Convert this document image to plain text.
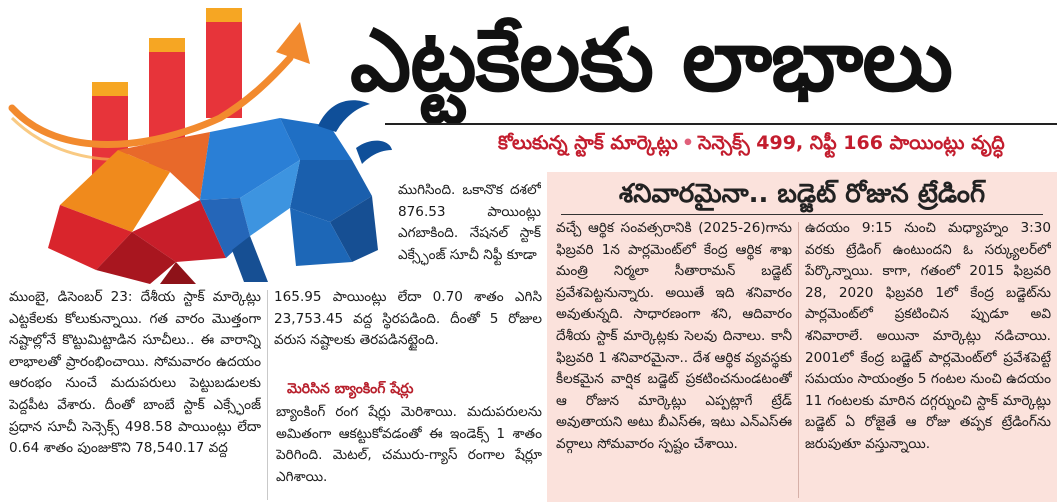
ఎట్టకేలకు లాభాలు
కోలుకున్న స్టాక్ మార్కెట్లు • సెన్సెక్స్ 499, నిఫ్టీ 166 పాయింట్లు వృద్ధి

ముగిసింది. ఒకానొక దశలో 876.53 పాయింట్లు ఎగబాకింది. నేషనల్ స్టాక్ ఎక్స్ఛేంజ్ సూచీ నిఫ్టీ కూడా

ముంబై, డిసెంబర్ 23: దేశీయ స్టాక్ మార్కెట్లు ఎట్టకేలకు కోలుకున్నాయి. గత వారం మొత్తంగా నష్టాల్లోనే కొట్టుమిట్టాడిన సూచీలు.. ఈ వారాన్ని లాభాలతో ప్రారంభించాయి. సోమవారం ఉదయం ఆరంభం నుంచే మదుపరులు పెట్టుబడులకు పెద్దపీట వేశారు. దీంతో బాంబే స్టాక్ ఎక్స్ఛేంజ్ ప్రధాన సూచీ సెన్సెక్స్ 498.58 పాయింట్లు లేదా 0.64 శాతం పుంజుకొని 78,540.17 వద్ద

165.95 పాయింట్లు లేదా 0.70 శాతం ఎగిసి 23,753.45 వద్ద స్థిరపడింది. దీంతో 5 రోజుల వరుస నష్టాలకు తెరపడినట్టైంది.

మెరిసిన బ్యాంకింగ్ షేర్లు

బ్యాంకింగ్ రంగ షేర్లు మెరిశాయి. మదుపరులను అమితంగా ఆకట్టుకోవడంతో ఈ ఇండెక్స్ 1 శాతం పెరిగింది. మెటల్, చమురు-గ్యాస్ రంగాల షేర్లూ ఎగిశాయి.

శనివారమైనా.. బడ్జెట్ రోజున ట్రేడింగ్

వచ్చే ఆర్థిక సంవత్సరానికి (2025-26)గాను ఫిబ్రవరి 1న పార్లమెంట్‌లో కేంద్ర ఆర్థిక శాఖ మంత్రి నిర్మలా సీతారామన్ బడ్జెట్ ప్రవేశపెట్టనున్నారు. అయితే ఇది శనివారం అవుతున్నది. సాధారణంగా శని, ఆదివారం దేశీయ స్టాక్ మార్కెట్లకు సెలవు దినాలు. కానీ ఫిబ్రవరి 1 శనివారమైనా.. దేశ ఆర్థిక వ్యవస్థకు కీలకమైన వార్షిక బడ్జెట్ ప్రకటించనుండటంతో ఆ రోజున మార్కెట్లు ఎప్పట్లాగే ట్రేడ్ అవుతాయని అటు బీఎస్ఈ, ఇటు ఎన్ఎస్ఈ వర్గాలు సోమవారం స్పష్టం చేశాయి.

ఉదయం 9:15 నుంచి మధ్యాహ్నం 3:30 వరకు ట్రేడింగ్ ఉంటుందని ఓ సర్క్యులర్‌లో పేర్కొన్నాయి. కాగా, గతంలో 2015 ఫిబ్రవరి 28, 2020 ఫిబ్రవరి 1లో కేంద్ర బడ్జెట్‌ను పార్లమెంట్‌లో ప్రకటించిన ప్పుడూ అవి శనివారాలే. అయినా మార్కెట్లు నడిచాయి. 2001లో కేంద్ర బడ్జెట్ పార్లమెంట్‌లో ప్రవేశపెట్టే సమయం సాయంత్రం 5 గంటల నుంచి ఉదయం 11 గంటలకు మారిన దగ్గర్నుంచి స్టాక్ మార్కెట్లు బడ్జెట్ ఏ రోజైతే ఆ రోజు తప్పక ట్రేడింగ్‌ను జరుపుతూ వస్తున్నాయి.
